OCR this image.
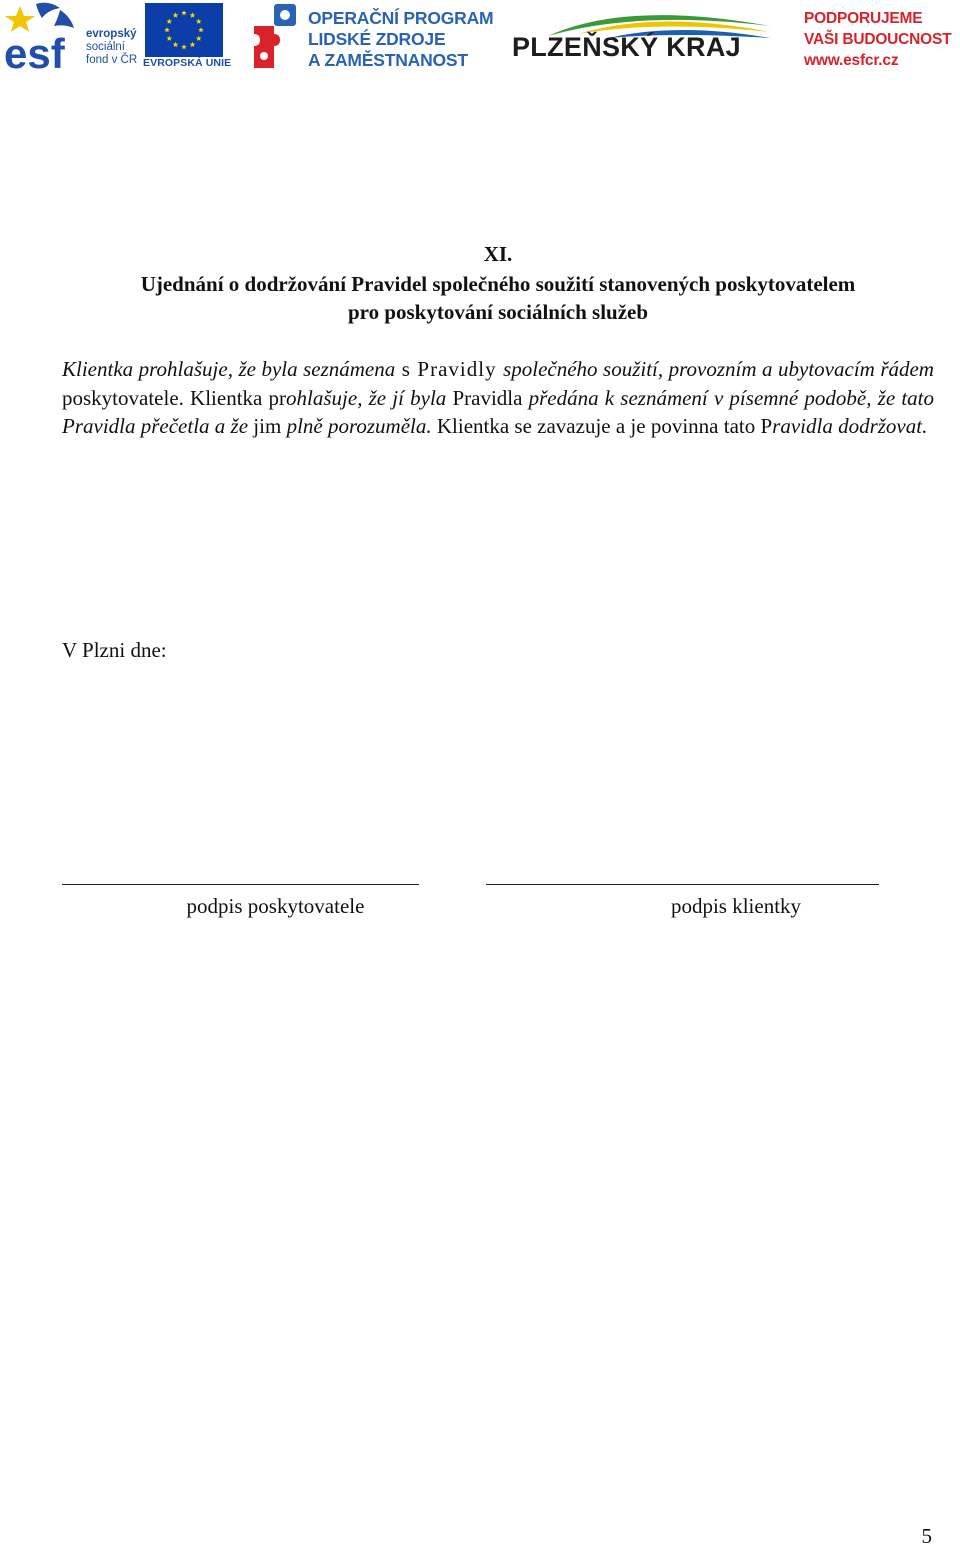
esf evropský
sociální
fond v ČR EVROPSKÁ UNIE
OPERAČNÍ PROGRAM
LIDSKÉ ZDROJE
A ZAMĚSTNANOST	PLZEŇSKÝ KRAJ
PODPORUJEME
VAŠI BUDOUCNOST
www.esfcr.cz
XI.
Ujednání o dodržování Pravidel společného soužití stanovených poskytovatelem
pro poskytování sociálních služeb
Klientka prohlašuje, že byla seznámena s Pravidly společného soužití, provozním a ubytovacím řádem poskytovatele. Klientka prohlašuje, že jí byla Pravidla předána k seznámení v písemné podobě, že tato Pravidla přečetla a že jim plně porozuměla. Klientka se zavazuje a je povinna tato Pravidla dodržovat.
V Plzni dne:
podpis poskytovatele	podpis klientky
5
